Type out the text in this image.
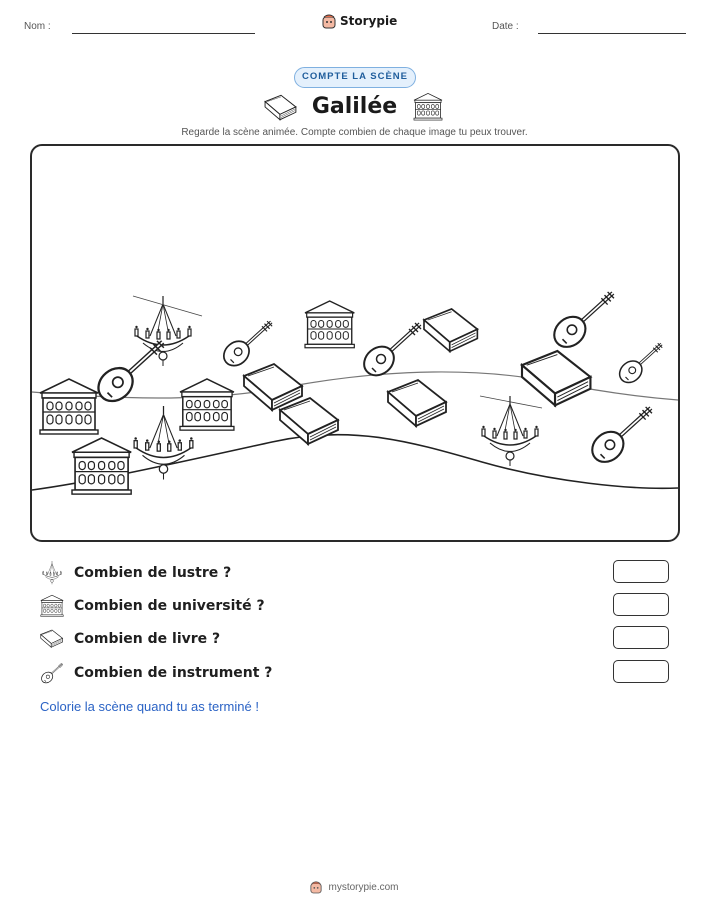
Nom :	Storypie	Date :
COMPTE LA SCÈNE
Galilée
Regarde la scène animée. Compte combien de chaque image tu peux trouver.
Combien de lustre ?
Combien de université ?
Combien de livre ?
Combien de instrument ?
Colorie la scène quand tu as terminé !
mystorypie.com
